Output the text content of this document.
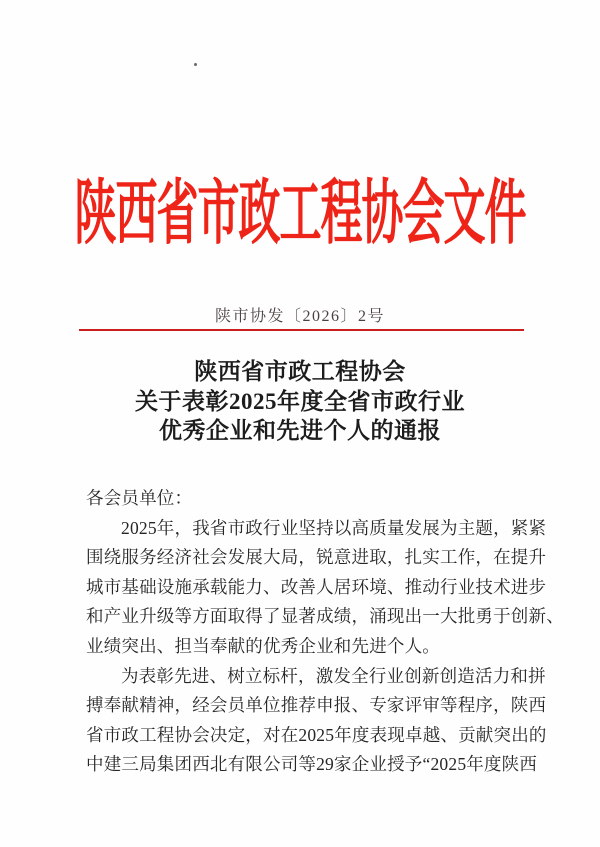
陕西省市政工程协会文件
陕市协发〔2026〕2号
陕西省市政工程协会
关于表彰2025年度全省市政行业
优秀企业和先进个人的通报
各会员单位：
2025年，我省市政行业坚持以高质量发展为主题，紧紧
围绕服务经济社会发展大局，锐意进取，扎实工作，在提升
城市基础设施承载能力、改善人居环境、推动行业技术进步
和产业升级等方面取得了显著成绩，涌现出一大批勇于创新、
业绩突出、担当奉献的优秀企业和先进个人。
为表彰先进、树立标杆，激发全行业创新创造活力和拼
搏奉献精神，经会员单位推荐申报、专家评审等程序，陕西
省市政工程协会决定，对在2025年度表现卓越、贡献突出的
中建三局集团西北有限公司等29家企业授予“2025年度陕西
